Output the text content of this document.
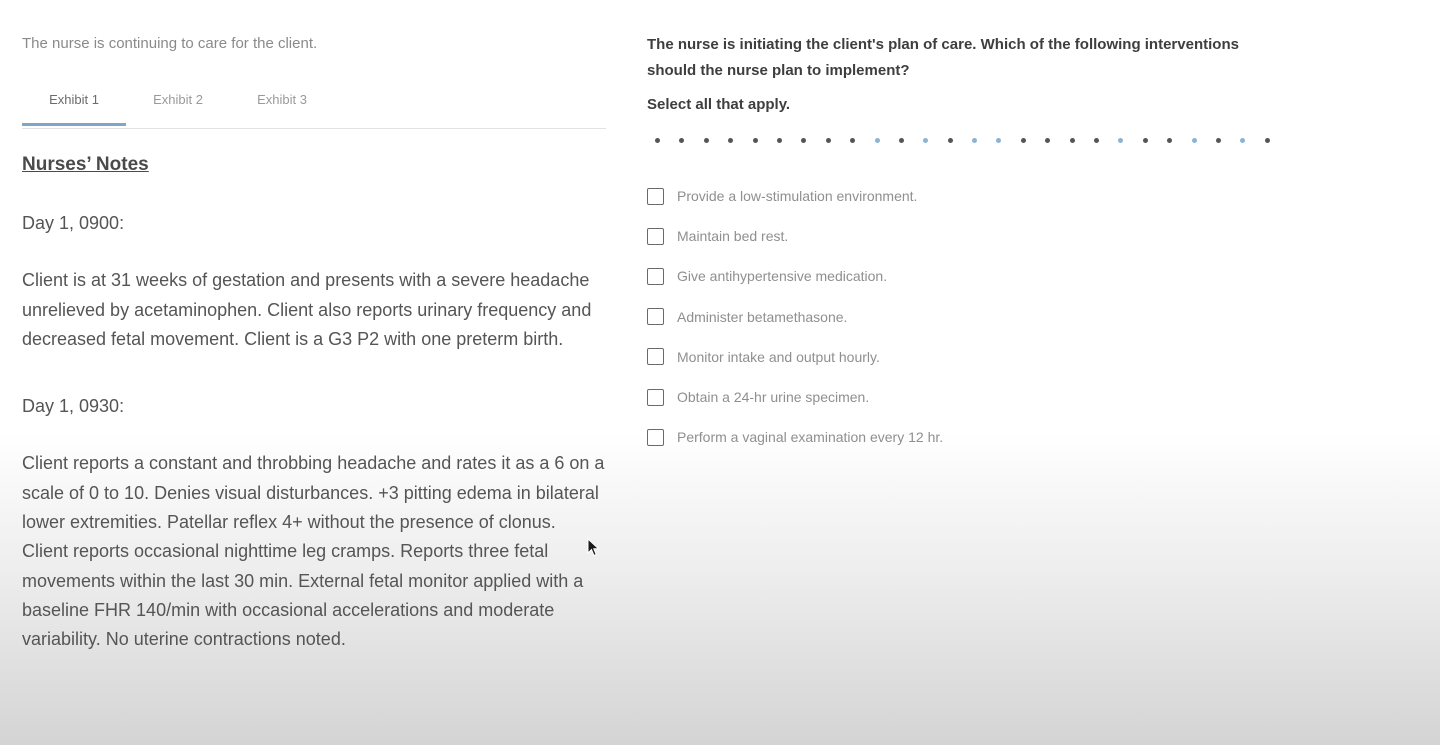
The nurse is continuing to care for the client.

Exhibit 1	Exhibit 2	Exhibit 3
Nurses’ Notes

Day 1, 0900:

Client is at 31 weeks of gestation and presents with a severe headache unrelieved by acetaminophen. Client also reports urinary frequency and decreased fetal movement. Client is a G3 P2 with one preterm birth.

Day 1, 0930:

Client reports a constant and throbbing headache and rates it as a 6 on a scale of 0 to 10. Denies visual disturbances. +3 pitting edema in bilateral lower extremities. Patellar reflex 4+ without the presence of clonus. Client reports occasional nighttime leg cramps. Reports three fetal movements within the last 30 min. External fetal monitor applied with a baseline FHR 140/min with occasional accelerations and moderate variability. No uterine contractions noted.

The nurse is initiating the client's plan of care. Which of the following interventions should the nurse plan to implement?

Select all that apply.
Provide a low-stimulation environment.
Maintain bed rest.
Give antihypertensive medication.
Administer betamethasone.
Monitor intake and output hourly.
Obtain a 24-hr urine specimen.
Perform a vaginal examination every 12 hr.
